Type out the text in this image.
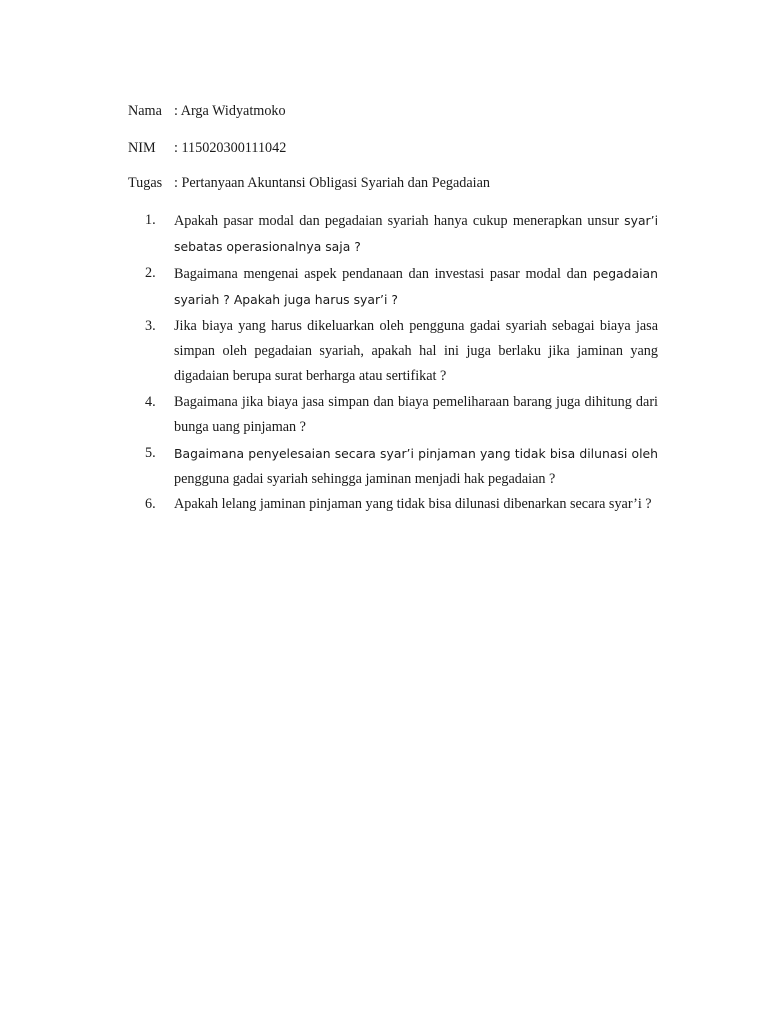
Nama : Arga Widyatmoko
NIM	: 115020300111042
Tugas : Pertanyaan Akuntansi Obligasi Syariah dan Pegadaian
1.	Apakah pasar modal dan pegadaian syariah hanya cukup menerapkan unsur syar’i sebatas operasionalnya saja ?
2.	Bagaimana mengenai aspek pendanaan dan investasi pasar modal dan pegadaian syariah ? Apakah juga harus syar’i ?
3.	Jika biaya yang harus dikeluarkan oleh pengguna gadai syariah sebagai biaya jasa simpan oleh pegadaian syariah, apakah hal ini juga berlaku jika jaminan yang digadaian berupa surat berharga atau sertifikat ?
4.	Bagaimana jika biaya jasa simpan dan biaya pemeliharaan barang juga dihitung dari bunga uang pinjaman ?
5.	Bagaimana penyelesaian secara syar’i pinjaman yang tidak bisa dilunasi oleh pengguna gadai syariah sehingga jaminan menjadi hak pegadaian ?
6.	Apakah lelang jaminan pinjaman yang tidak bisa dilunasi dibenarkan secara syar’i ?
